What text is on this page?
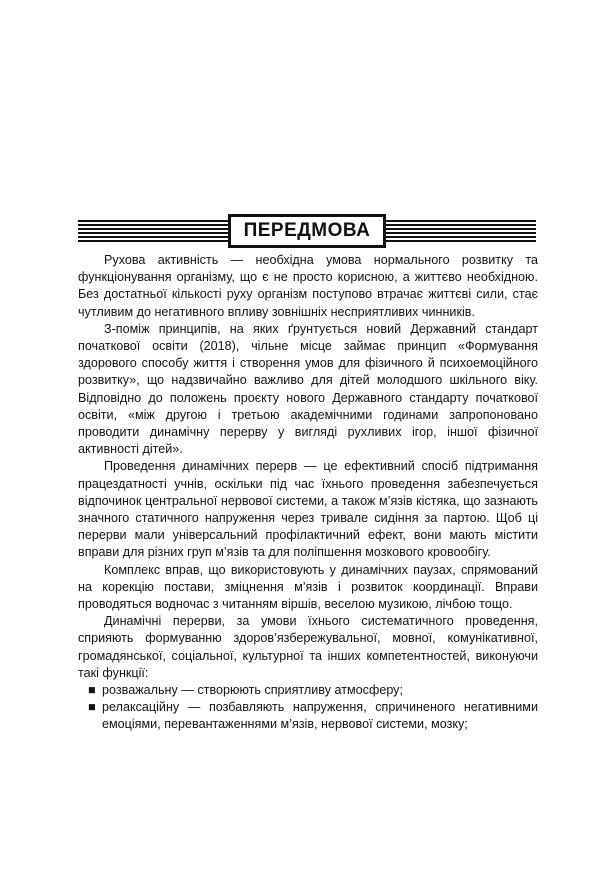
ПЕРЕДМОВА

Рухова активність — необхідна умова нормального розвитку та функціонування організму, що є не просто корисною, а життєво необхідною. Без достатньої кількості руху організм поступово втрачає життєві сили, стає чутливим до негативного впливу зовнішніх несприятливих чинників.

З-поміж принципів, на яких ґрунтується новий Державний стандарт початкової освіти (2018), чільне місце займає принцип «Формування здорового способу життя і створення умов для фізичного й психоемоційного розвитку», що надзвичайно важливо для дітей молодшого шкільного віку. Відповідно до положень проєкту нового Державного стандарту початкової освіти, «між другою і третьою академічними годинами запропоновано проводити динамічну перерву у вигляді рухливих ігор, іншої фізичної активності дітей».

Проведення динамічних перерв — це ефективний спосіб підтримання працездатності учнів, оскільки під час їхнього проведення забезпечується відпочинок центральної нервової системи, а також м’язів кістяка, що зазнають значного статичного напруження через тривале сидіння за партою. Щоб ці перерви мали універсальний профілактичний ефект, вони мають містити вправи для різних груп м’язів та для поліпшення мозкового кровообігу.

Комплекс вправ, що використовують у динамічних паузах, спрямований на корекцію постави, зміцнення м’язів і розвиток координації. Вправи проводяться водночас з читанням віршів, веселою музикою, лічбою тощо.

Динамічні перерви, за умови їхнього систематичного проведення, сприяють формуванню здоров’язбережувальної, мовної, комунікативної, громадянської, соціальної, культурної та інших компетентностей, виконуючи такі функції:

■ розважальну — створюють сприятливу атмосферу;
■ релаксаційну — позбавляють напруження, спричиненого негативними емоціями, перевантаженнями м’язів, нервової системи, мозку;
